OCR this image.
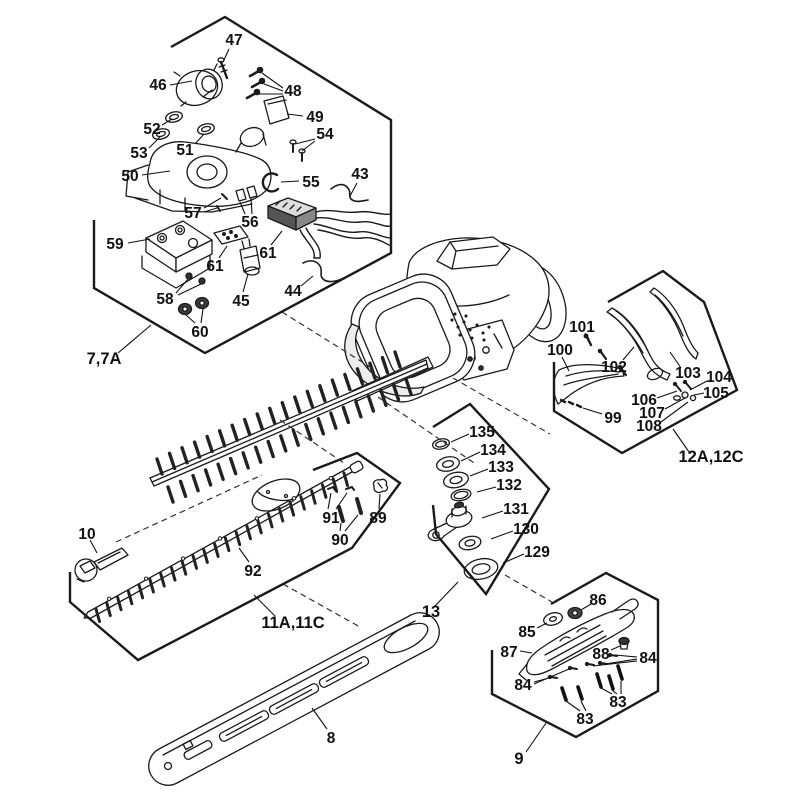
7,7A
11A,11C
12A,12C
13
9
47
46	48
49
52
53 51
50
54
55 43
57
56
61
61
59
58	45
44
60
100
101
102	103 104
105
106
107
108
99
135
134
133
132
131
130
129
10
92
91
90
89
86
85
87	88 84
84
83
83
8
